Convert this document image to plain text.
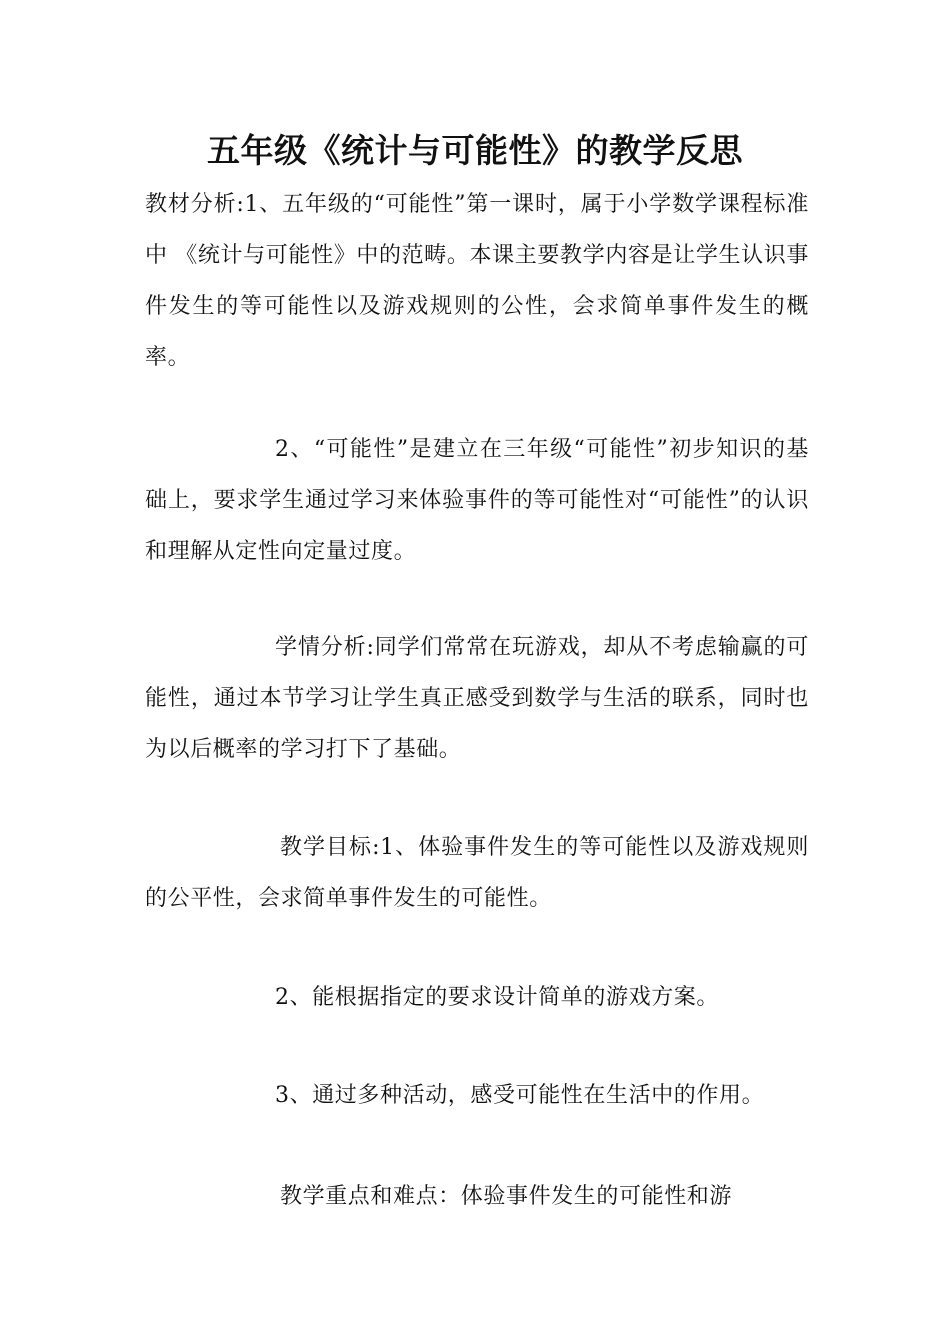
五年级《统计与可能性》的教学反思

教材分析:1、五年级的“可能性”第一课时，属于小学数学课程标准中 《统计与可能性》中的范畴。本课主要教学内容是让学生认识事件发生的等可能性以及游戏规则的公性，会求简单事件发生的概率。

2、“可能性”是建立在三年级“可能性”初步知识的基础上，要求学生通过学习来体验事件的等可能性对“可能性”的认识和理解从定性向定量过度。

学情分析:同学们常常在玩游戏，却从不考虑输赢的可能性，通过本节学习让学生真正感受到数学与生活的联系，同时也为以后概率的学习打下了基础。

教学目标:1、体验事件发生的等可能性以及游戏规则的公平性，会求简单事件发生的可能性。

2、能根据指定的要求设计简单的游戏方案。

3、通过多种活动，感受可能性在生活中的作用。

教学重点和难点：体验事件发生的可能性和游
